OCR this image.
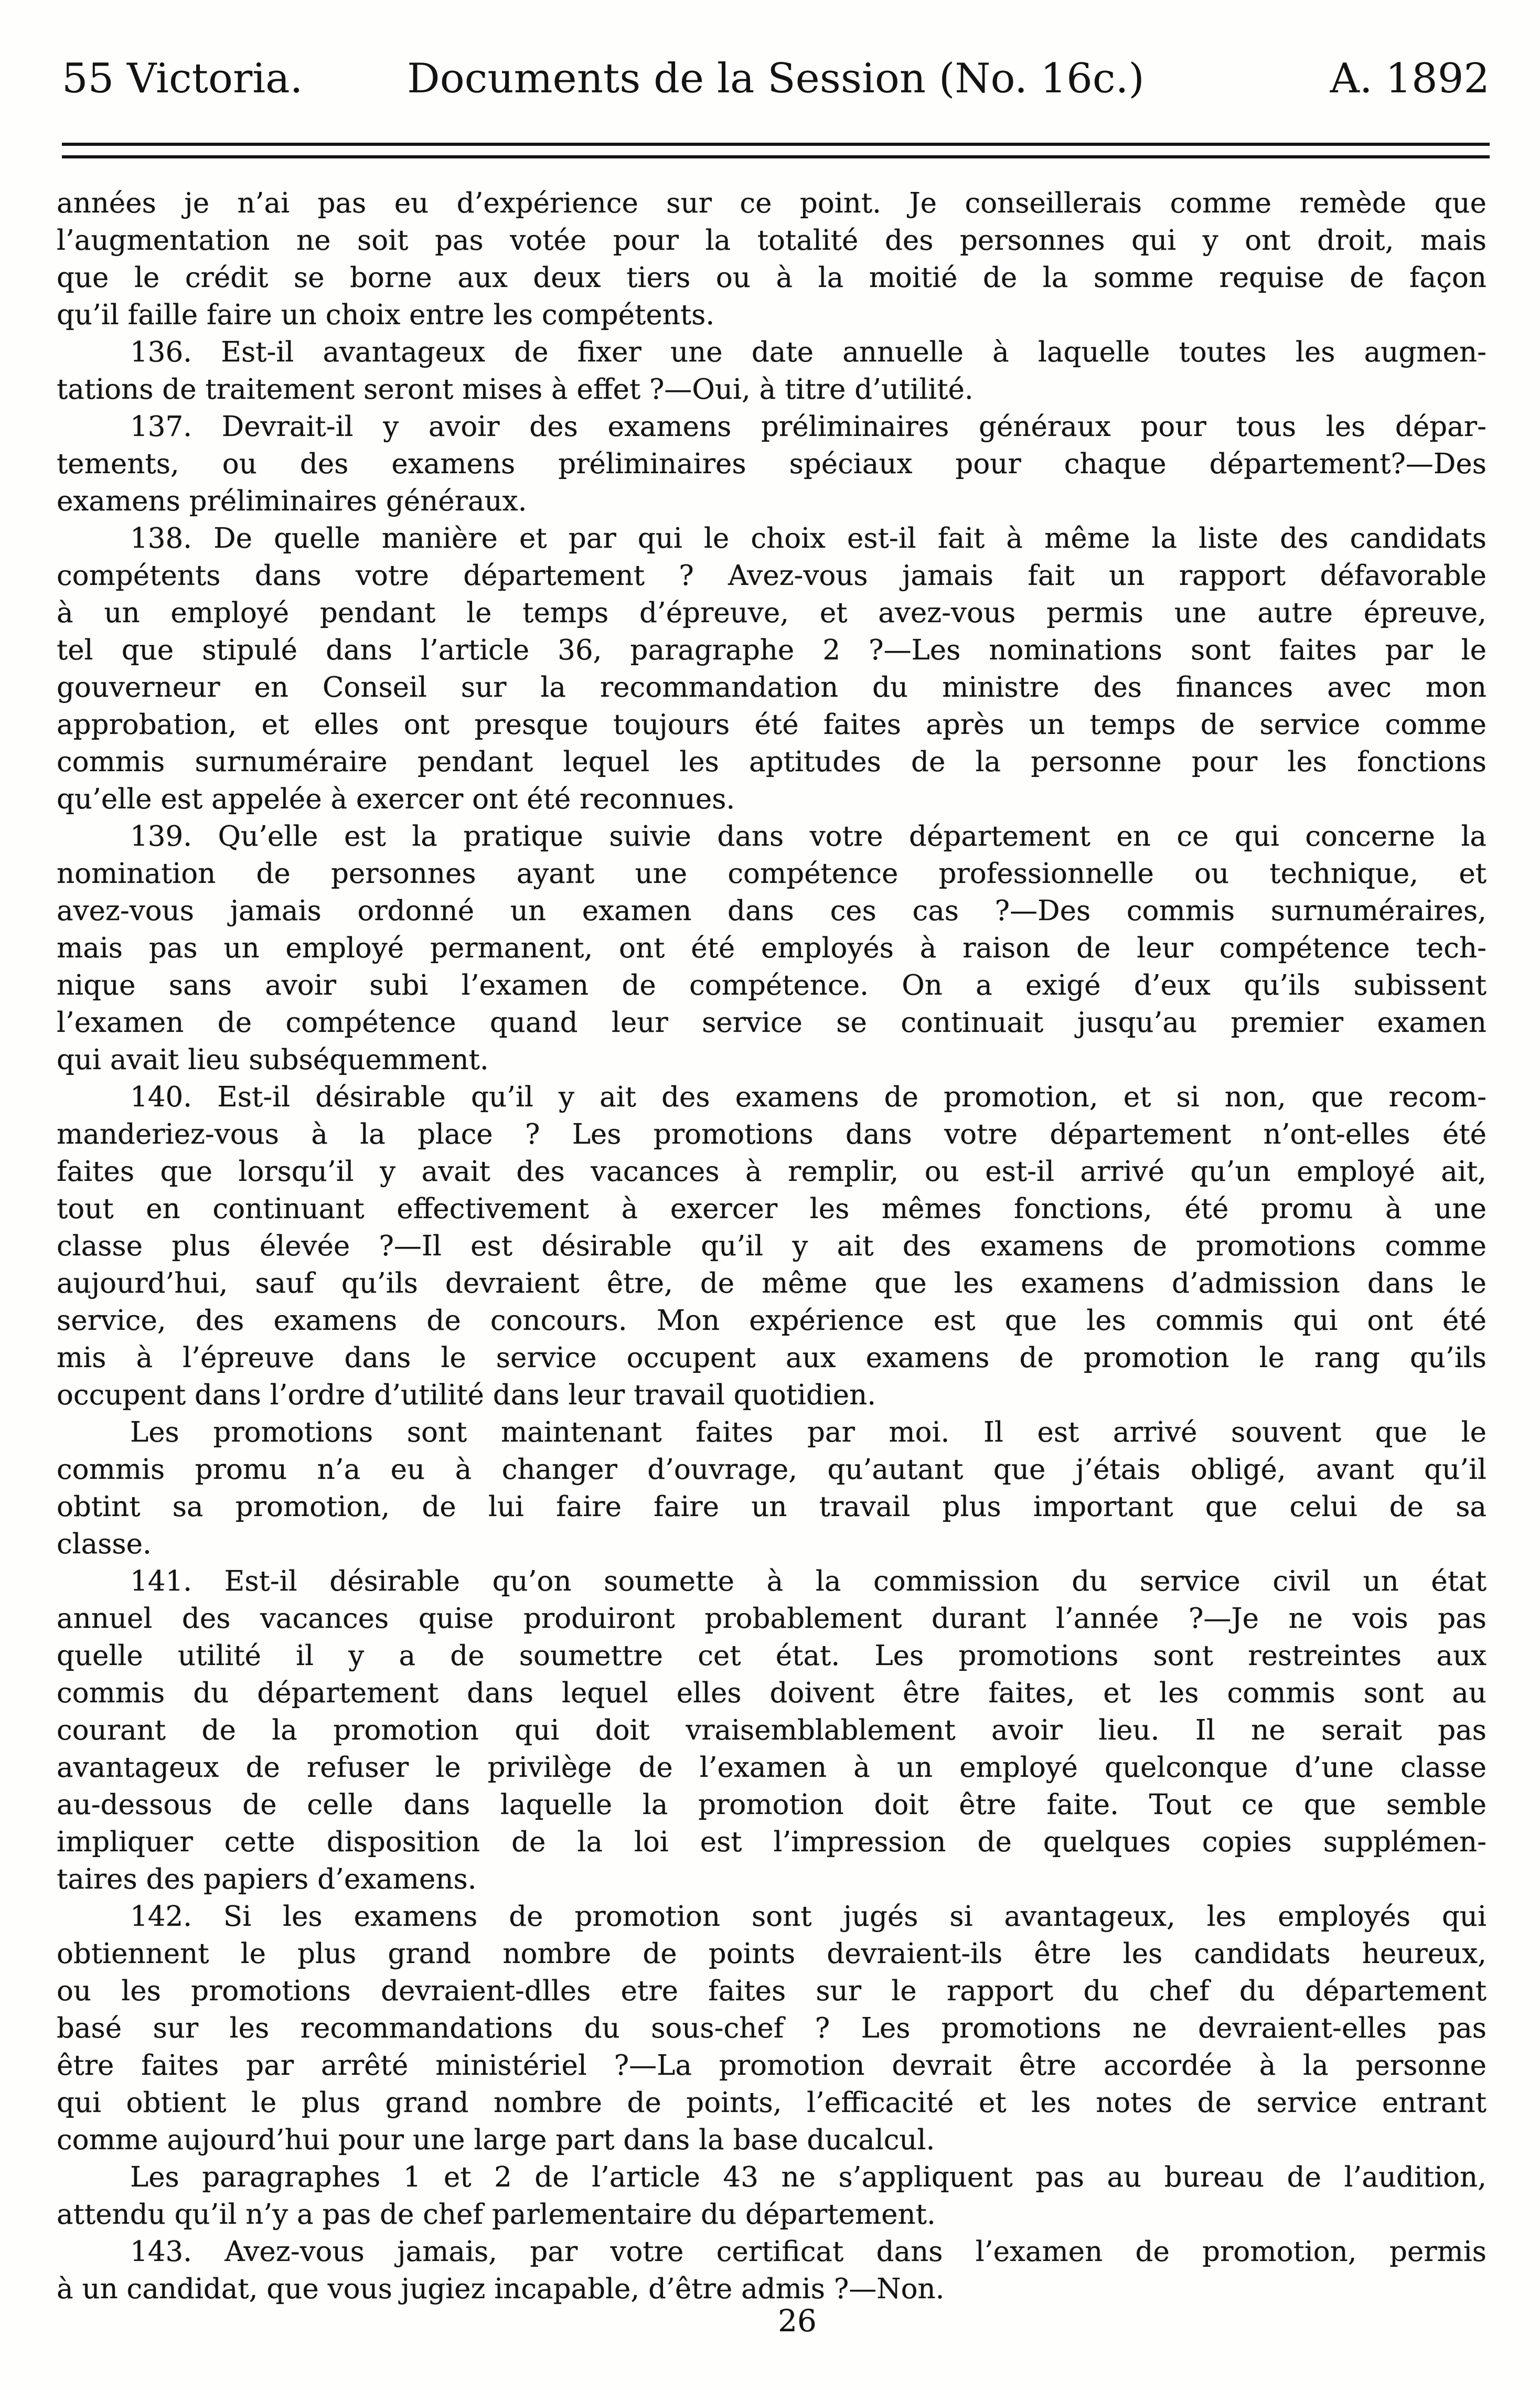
55 Victoria.	Documents de la Session (No. 16c.)	A. 1892

années je n’ai pas eu d’expérience sur ce point. Je conseillerais comme remède que
l’augmentation ne soit pas votée pour la totalité des personnes qui y ont droit, mais
que le crédit se borne aux deux tiers ou à la moitié de la somme requise de façon
qu’il faille faire un choix entre les compétents.

136. Est-il avantageux de fixer une date annuelle à laquelle toutes les augmen-
tations de traitement seront mises à effet ?—Oui, à titre d’utilité.

137. Devrait-il y avoir des examens préliminaires généraux pour tous les dépar-
tements, ou des examens préliminaires spéciaux pour chaque département?—Des
examens préliminaires généraux.

138. De quelle manière et par qui le choix est-il fait à même la liste des candidats
compétents dans votre département ? Avez-vous jamais fait un rapport défavorable
à un employé pendant le temps d’épreuve, et avez-vous permis une autre épreuve,
tel que stipulé dans l’article 36, paragraphe 2 ?—Les nominations sont faites par le
gouverneur en Conseil sur la recommandation du ministre des finances avec mon
approbation, et elles ont presque toujours été faites après un temps de service comme
commis surnuméraire pendant lequel les aptitudes de la personne pour les fonctions
qu’elle est appelée à exercer ont été reconnues.

139. Qu’elle est la pratique suivie dans votre département en ce qui concerne la
nomination de personnes ayant une compétence professionnelle ou technique, et
avez-vous jamais ordonné un examen dans ces cas ?—Des commis surnuméraires,
mais pas un employé permanent, ont été employés à raison de leur compétence tech-
nique sans avoir subi l’examen de compétence. On a exigé d’eux qu’ils subissent
l’examen de compétence quand leur service se continuait jusqu’au premier examen
qui avait lieu subséquemment.

140. Est-il désirable qu’il y ait des examens de promotion, et si non, que recom-
manderiez-vous à la place ? Les promotions dans votre département n’ont-elles été
faites que lorsqu’il y avait des vacances à remplir, ou est-il arrivé qu’un employé ait,
tout en continuant effectivement à exercer les mêmes fonctions, été promu à une
classe plus élevée ?—Il est désirable qu’il y ait des examens de promotions comme
aujourd’hui, sauf qu’ils devraient être, de même que les examens d’admission dans le
service, des examens de concours. Mon expérience est que les commis qui ont été
mis à l’épreuve dans le service occupent aux examens de promotion le rang qu’ils
occupent dans l’ordre d’utilité dans leur travail quotidien.

Les promotions sont maintenant faites par moi. Il est arrivé souvent que le
commis promu n’a eu à changer d’ouvrage, qu’autant que j’étais obligé, avant qu’il
obtint sa promotion, de lui faire faire un travail plus important que celui de sa
classe.

141. Est-il désirable qu’on soumette à la commission du service civil un état
annuel des vacances quise produiront probablement durant l’année ?—Je ne vois pas
quelle utilité il y a de soumettre cet état. Les promotions sont restreintes aux
commis du département dans lequel elles doivent être faites, et les commis sont au
courant de la promotion qui doit vraisemblablement avoir lieu. Il ne serait pas
avantageux de refuser le privilège de l’examen à un employé quelconque d’une classe
au-dessous de celle dans laquelle la promotion doit être faite. Tout ce que semble
impliquer cette disposition de la loi est l’impression de quelques copies supplémen-
taires des papiers d’examens.

142. Si les examens de promotion sont jugés si avantageux, les employés qui
obtiennent le plus grand nombre de points devraient-ils être les candidats heureux,
ou les promotions devraient-dlles etre faites sur le rapport du chef du département
basé sur les recommandations du sous-chef ? Les promotions ne devraient-elles pas
être faites par arrêté ministériel ?—La promotion devrait être accordée à la personne
qui obtient le plus grand nombre de points, l’efficacité et les notes de service entrant
comme aujourd’hui pour une large part dans la base ducalcul.

Les paragraphes 1 et 2 de l’article 43 ne s’appliquent pas au bureau de l’audition,
attendu qu’il n’y a pas de chef parlementaire du département.

143. Avez-vous jamais, par votre certificat dans l’examen de promotion, permis
à un candidat, que vous jugiez incapable, d’être admis ?—Non.

26
